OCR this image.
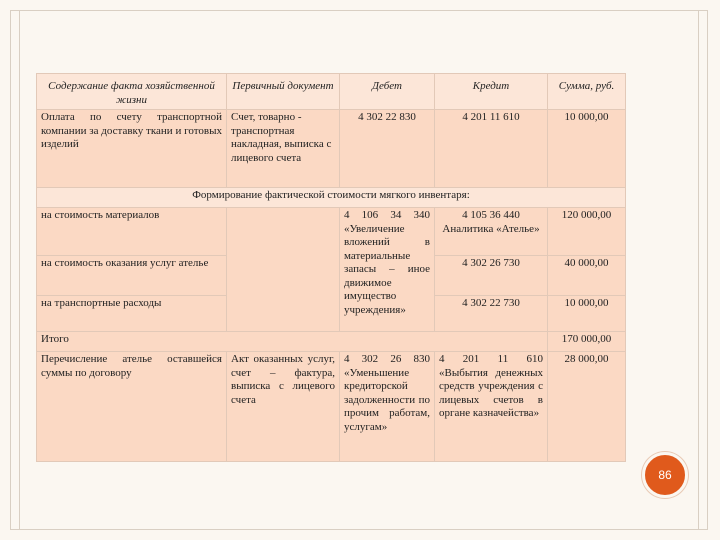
Содержание факта хозяйственной жизни	Первичный документ	Дебет	Кредит	Сумма, руб.
Оплата по счету транспортной компании за доставку ткани и готовых изделий	Счет, товарно - транспортная накладная, выписка с лицевого счета	4 302 22 830	4 201 11 610	10 000,00
Формирование фактической стоимости мягкого инвентаря:				
на стоимость материалов		4 106 34 340 «Увеличение вложений в материальные запасы – иное движимое имущество учреждения»	4 105 36 440 Аналитика «Ателье»	120 000,00
на стоимость оказания услуг ателье			4 302 26 730	40 000,00
на транспортные расходы			4 302 22 730	10 000,00
Итого				170 000,00
Перечисление ателье оставшейся суммы по договору	Акт оказанных услуг, счет – фактура, выписка с лицевого счета	4 302 26 830 «Уменьшение кредиторской задолженности по прочим работам, услугам»	4 201 11 610 «Выбытия денежных средств учреждения с лицевых счетов в органе казначейства»	28 000,00
86
